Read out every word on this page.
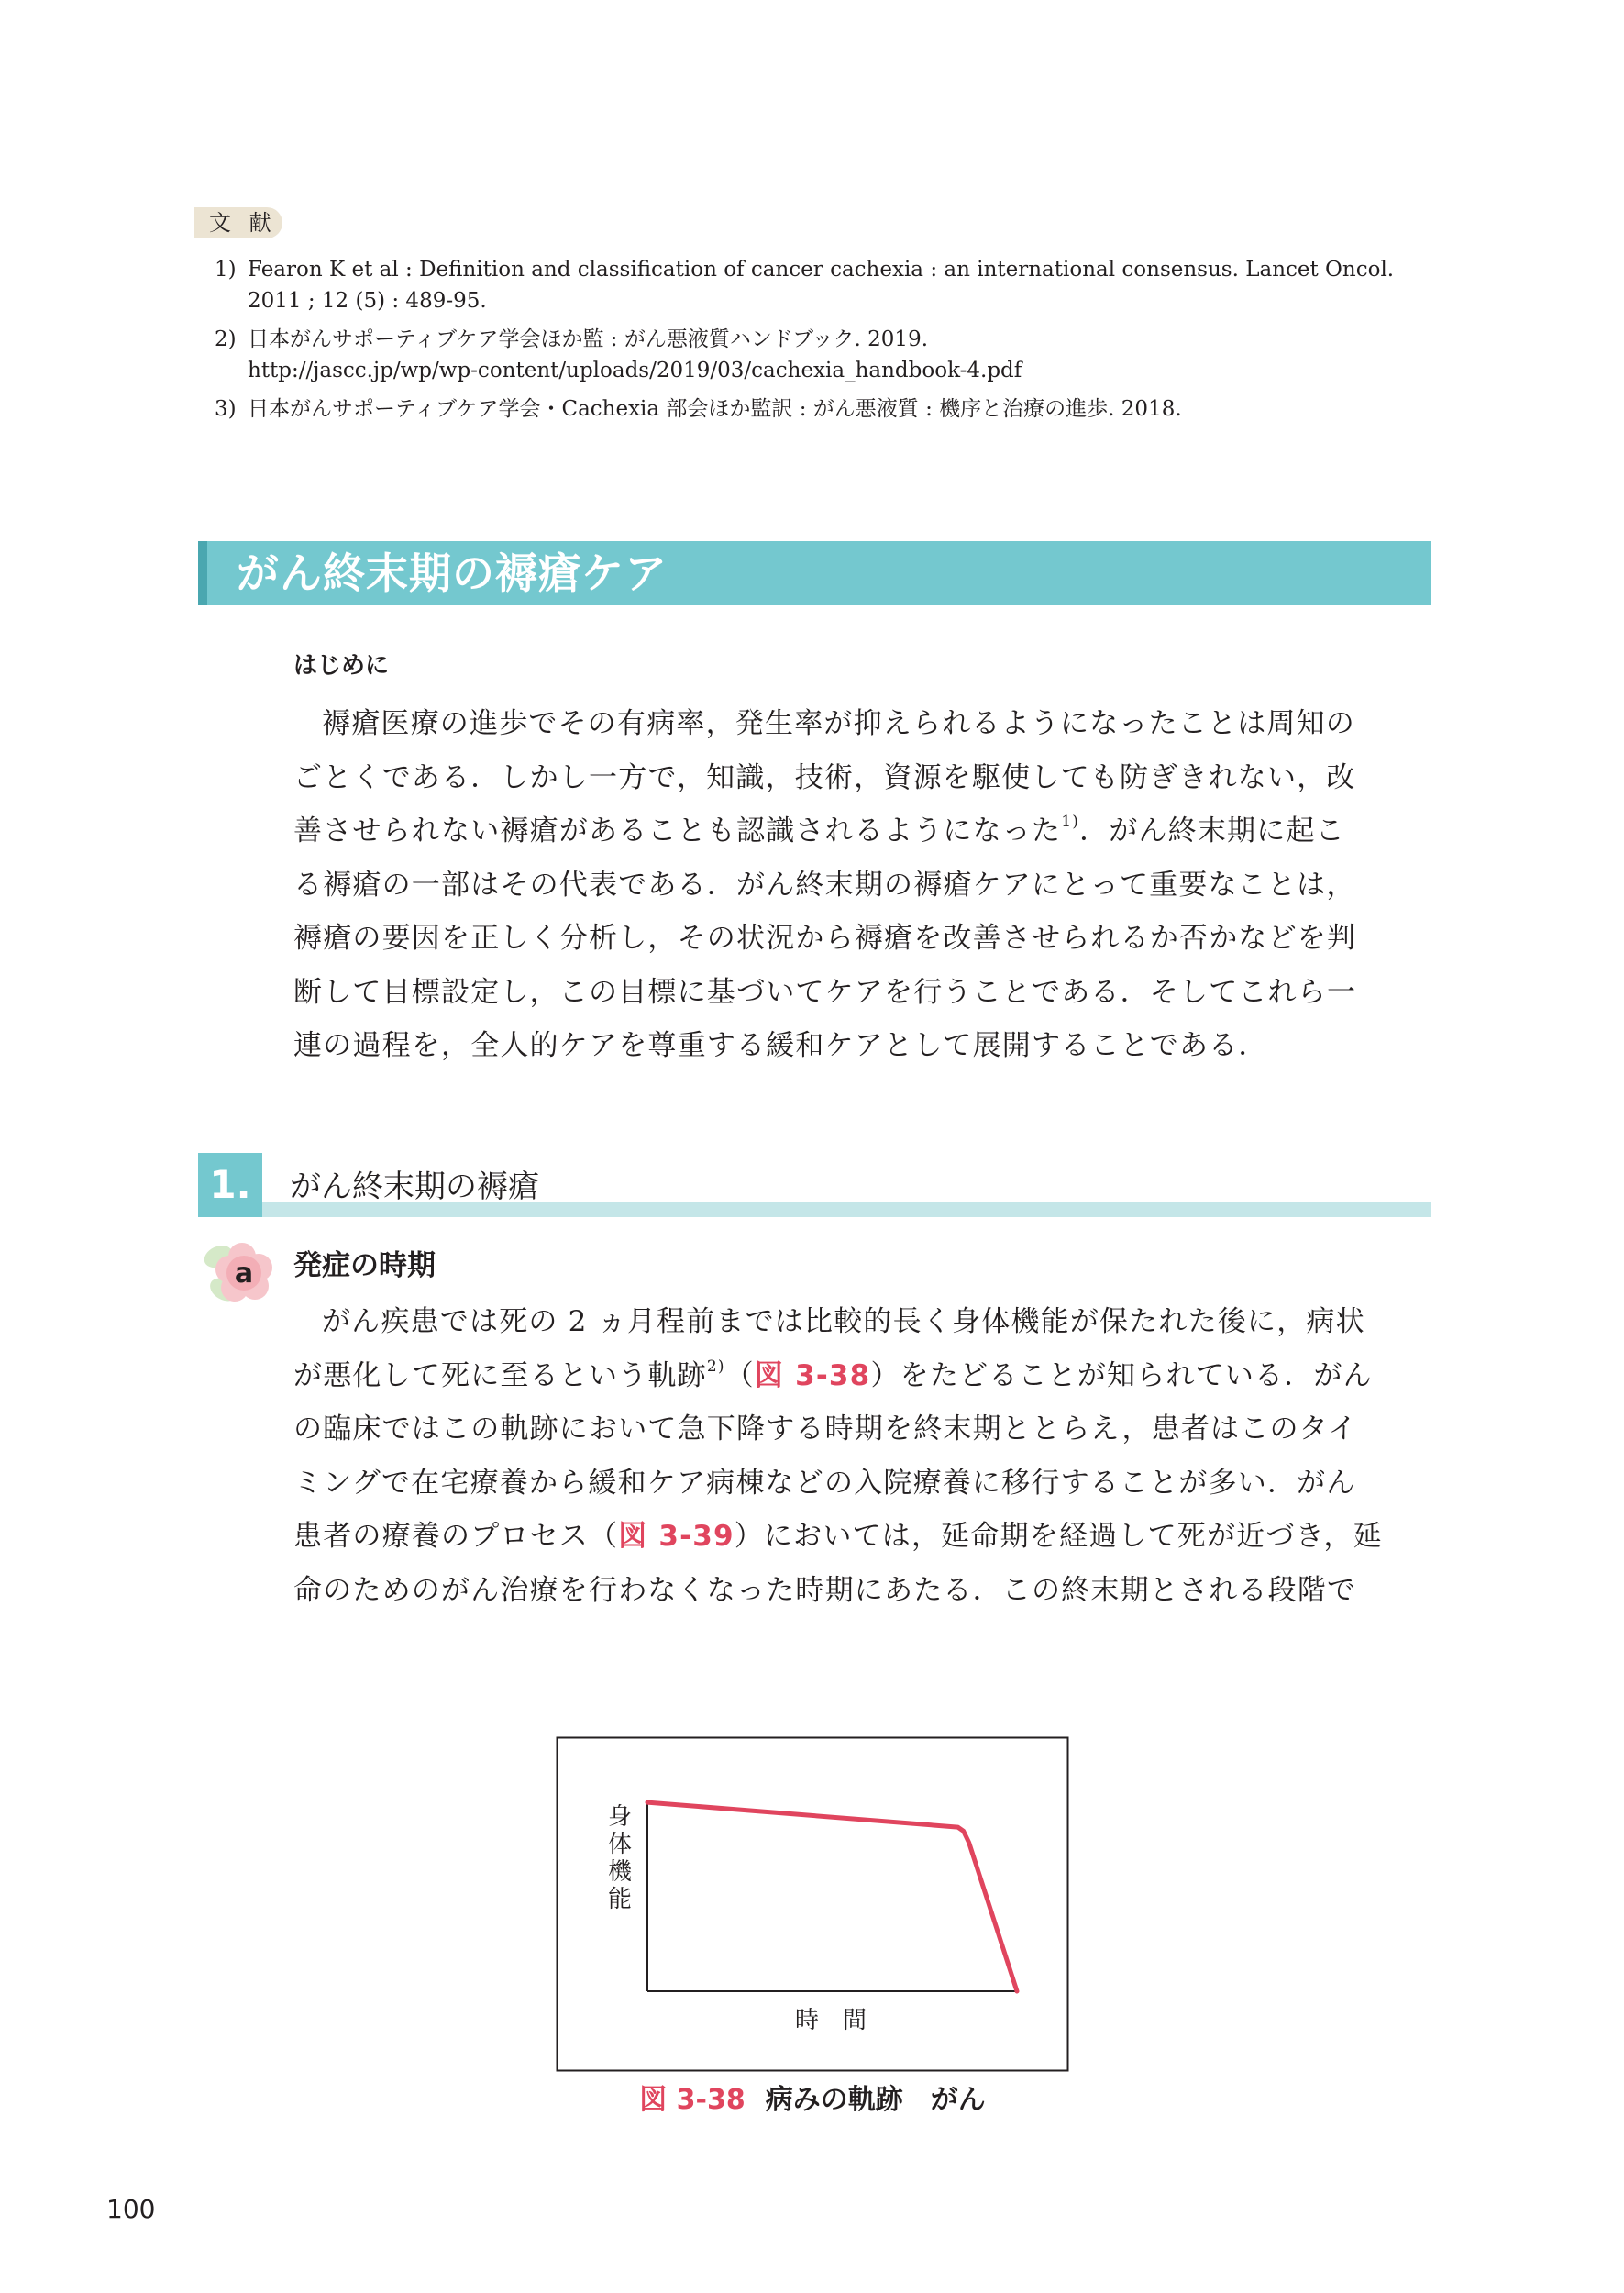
文 献
1) Fearon K et al : Definition and classification of cancer cachexia : an international consensus. Lancet Oncol. 2011 ; 12 (5) : 489-95.
2) 日本がんサポーティブケア学会ほか監 : がん悪液質ハンドブック. 2019.
http://jascc.jp/wp/wp-content/uploads/2019/03/cachexia_handbook-4.pdf
3) 日本がんサポーティブケア学会・Cachexia 部会ほか監訳 : がん悪液質 : 機序と治療の進歩. 2018.
がん終末期の褥瘡ケア
はじめに
褥瘡医療の進歩でその有病率，発生率が抑えられるようになったことは周知の
ごとくである．しかし一方で，知識，技術，資源を駆使しても防ぎきれない，改
善させられない褥瘡があることも認識されるようになった$^{1)}$．がん終末期に起こ
る褥瘡の一部はその代表である．がん終末期の褥瘡ケアにとって重要なことは，
褥瘡の要因を正しく分析し，その状況から褥瘡を改善させられるか否かなどを判
断して目標設定し，この目標に基づいてケアを行うことである．そしてこれら一
連の過程を，全人的ケアを尊重する緩和ケアとして展開することである．
1.	がん終末期の褥瘡
a 発症の時期
がん疾患では死の 2 ヵ月程前までは比較的長く身体機能が保たれた後に，病状
が悪化して死に至るという軌跡$^{2)}$（図 3-38）をたどることが知られている．がん
の臨床ではこの軌跡において急下降する時期を終末期ととらえ，患者はこのタイ
ミングで在宅療養から緩和ケア病棟などの入院療養に移行することが多い．がん
患者の療養のプロセス（図 3-39）においては，延命期を経過して死が近づき，延
命のためのがん治療を行わなくなった時期にあたる．この終末期とされる段階で
身体機能
時　間
図 3-38 病みの軌跡　がん
100
